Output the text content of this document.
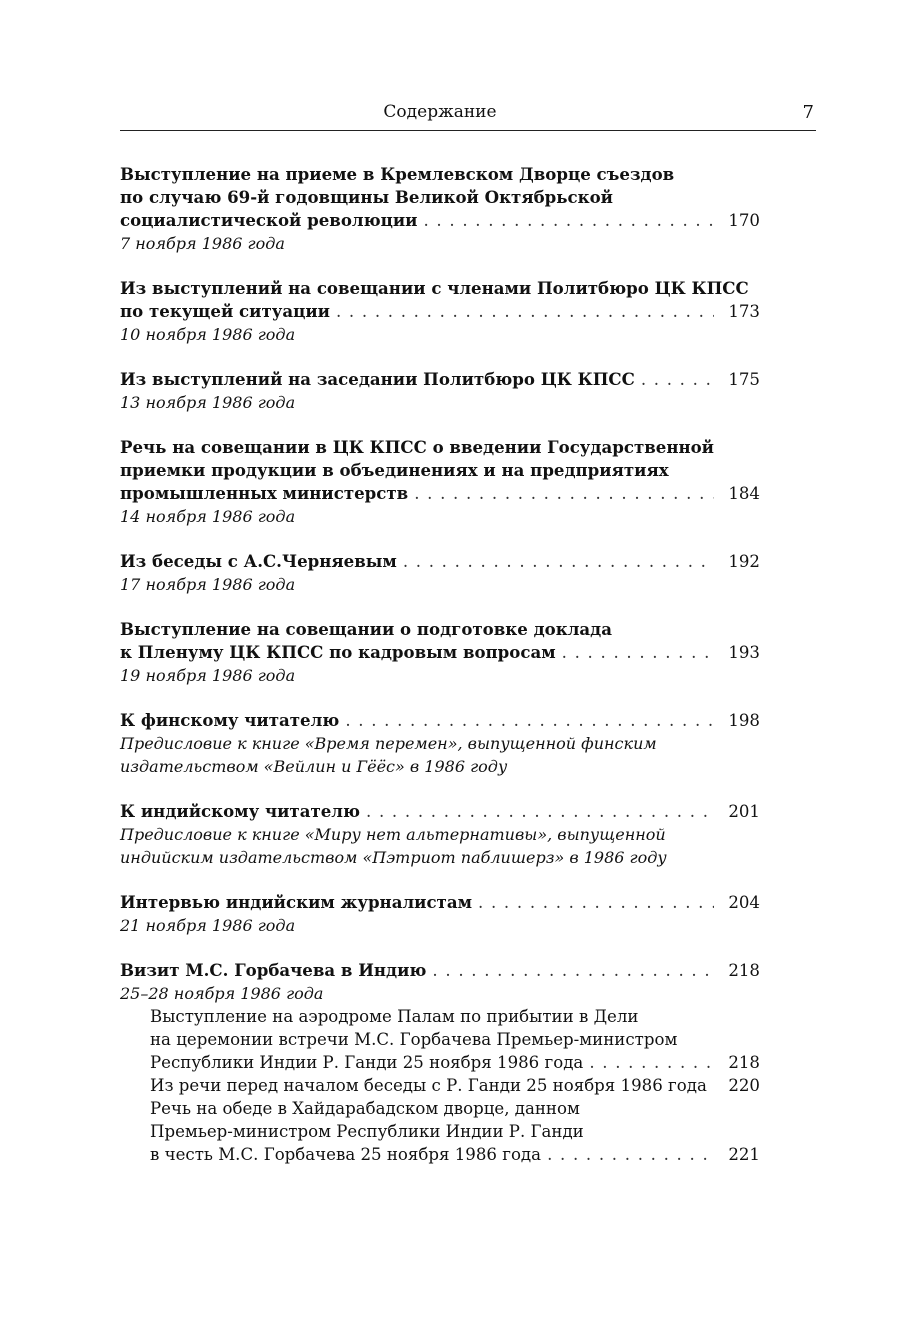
Содержание	7
Выступление на приеме в Кремлевском Дворце съездов
по случаю 69-й годовщины Великой Октябрьской
социалистической революции . . .	170
7 ноября 1986 года
Из выступлений на совещании с членами Политбюро ЦК КПСС
по текущей ситуации . . .	173
10 ноября 1986 года
Из выступлений на заседании Политбюро ЦК КПСС . . .	175
13 ноября 1986 года
Речь на совещании в ЦК КПСС о введении Государственной
приемки продукции в объединениях и на предприятиях
промышленных министерств . . .	184
14 ноября 1986 года
Из беседы с А.С.Черняевым . . .	192
17 ноября 1986 года
Выступление на совещании о подготовке доклада
к Пленуму ЦК КПСС по кадровым вопросам . . .	193
19 ноября 1986 года
К финскому читателю . . .	198
Предисловие к книге «Время перемен», выпущенной финским
издательством «Вейлин и Гёёс» в 1986 году
К индийскому читателю . . .	201
Предисловие к книге «Миру нет альтернативы», выпущенной
индийским издательством «Пэтриот паблишерз» в 1986 году
Интервью индийским журналистам . . .	204
21 ноября 1986 года
Визит М.С. Горбачева в Индию . . .	218
25–28 ноября 1986 года
Выступление на аэродроме Палам по прибытии в Дели
на церемонии встречи М.С. Горбачева Премьер-министром
Республики Индии Р. Ганди 25 ноября 1986 года . . .	218
Из речи перед началом беседы с Р. Ганди 25 ноября 1986 года . . .	220
Речь на обеде в Хайдарабадском дворце, данном
Премьер-министром Республики Индии Р. Ганди
в честь М.С. Горбачева 25 ноября 1986 года . . .	221
